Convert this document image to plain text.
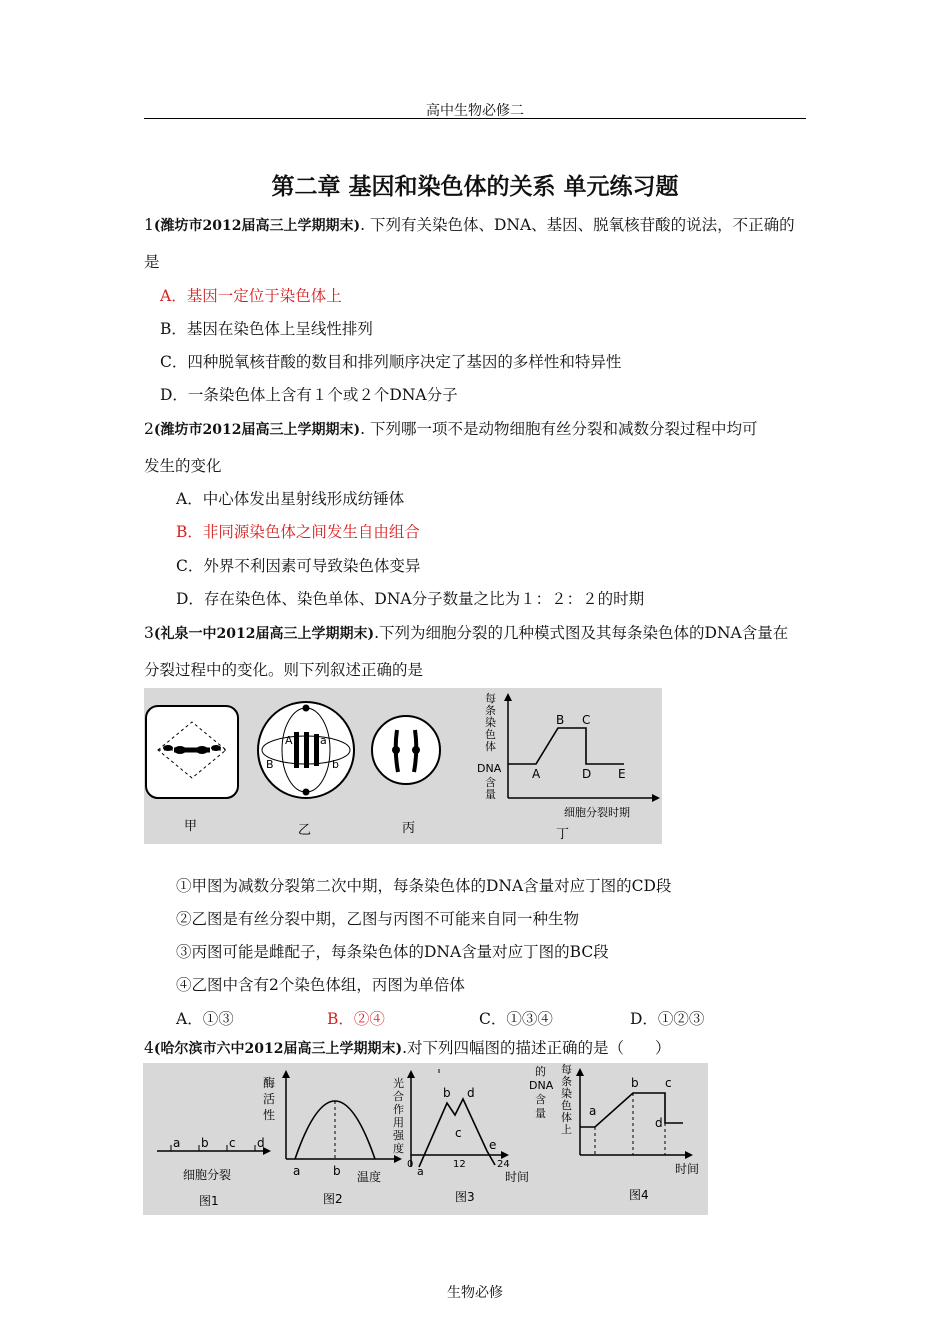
高中生物必修二
第二章 基因和染色体的关系 单元练习题
1(潍坊市2012届高三上学期期末). 下列有关染色体、DNA、基因、脱氧核苷酸的说法，不正确的
是
A．基因一定位于染色体上
B．基因在染色体上呈线性排列
C．四种脱氧核苷酸的数目和排列顺序决定了基因的多样性和特异性
D．一条染色体上含有１个或２个DNA分子
2(潍坊市2012届高三上学期期末). 下列哪一项不是动物细胞有丝分裂和减数分裂过程中均可
发生的变化
A．中心体发出星射线形成纺锤体
B．非同源染色体之间发生自由组合
C．外界不利因素可导致染色体变异
D．存在染色体、染色单体、DNA分子数量之比为１：２：２的时期
3(礼泉一中2012届高三上学期期末).下列为细胞分裂的几种模式图及其每条染色体的DNA含量在
分裂过程中的变化。则下列叙述正确的是
A a
B	b
每条染色体
DNA
含量
A
B C
D E
细胞分裂时期
甲	乙	丙	丁
①甲图为减数分裂第二次中期，每条染色体的DNA含量对应丁图的CD段
②乙图是有丝分裂中期，乙图与丙图不可能来自同一种生物
③丙图可能是雌配子，每条染色体的DNA含量对应丁图的BC段
④乙图中含有2个染色体组，丙图为单倍体
A．①③	B．②④	C．①③④	D．①②③
4(哈尔滨市六中2012届高三上学期期末).对下列四幅图的描述正确的是（　　）
a b c d
细胞分裂
图1
酶活性
a	b 温度
图2
光合作用强度
a
b
c
d
e
0	12	24
时间
图3
的 DNA 含量
每条染色体上
a
b c
d
时间
图4
生物必修
